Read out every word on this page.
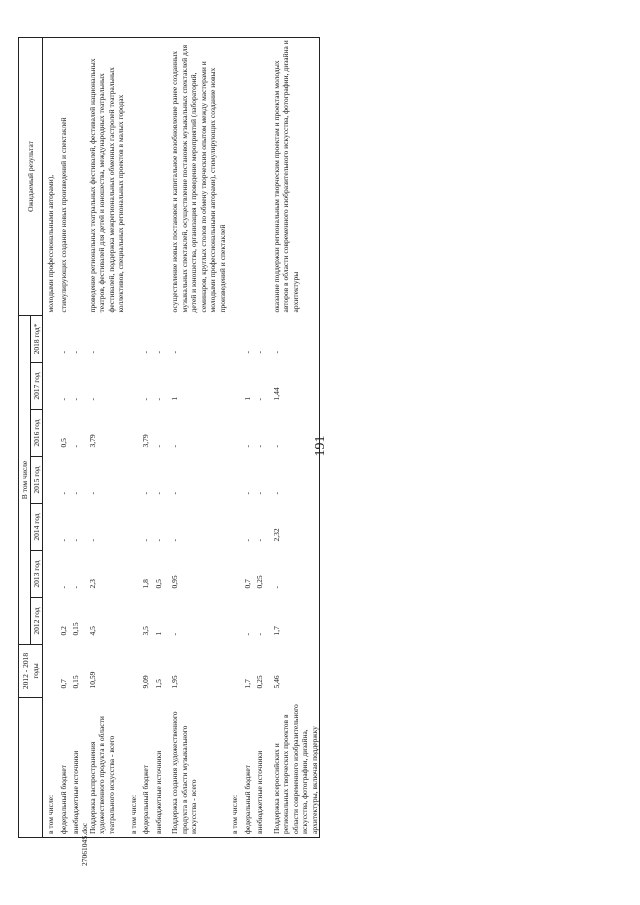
191
	2012 - 2018 годы	В том числе							Ожидаемый результат
		2012 год	2013 год	2014 год	2015 год	2016 год	2017 год	2018 год*	
в том числе:									молодыми профессиональными авторами),
федеральный бюджет	0,7	0,2	-	-	-	0,5	-	-	стимулирующих создание новых произведений и спектаклей
внебюджетные источники	0,15	0,15	-	-	-	-	-	-	

Поддержка распространения художественного продукта в области театрального искусства - всего	10,59	4,5	2,3	-	-	3,79	-	-	проведение региональных театральных фестивалей, фестивалей национальных театров, фестивалей для детей и юношества, международных театральных фестивалей, поддержка межрегиональных обменных гастролей театральных коллективов, специальных региональных проектов в малых городах
в том числе:									
федеральный бюджет	9,09	3,5	1,8	-	-	3,79	-	-	
внебюджетные источники	1,5	1	0,5	-	-	-	-	-	

Поддержка создания художественного продукта в области музыкального искусства - всего	1,95	-	0,95	-	-	-	1	-	осуществление новых постановок и капитальное возобновление ранее созданных музыкальных спектаклей, осуществление постановок музыкальных спектаклей для детей и юношества, организация и проведение мероприятий (лабораторий, семинаров, круглых столов по обмену творческим опытом между мастерами и молодыми профессиональными авторами), стимулирующих создание новых произведений и спектаклей
в том числе:									
федеральный бюджет	1,7	-	0,7	-	-	-	1	-	
внебюджетные источники	0,25	-	0,25	-	-	-	-	-	

Поддержка всероссийских и региональных творческих проектов в области современного изобразительного искусства, фотографии, дизайна, архитектуры, включая поддержку	5,46	1,7	-	2,32	-	-	1,44	-	оказание поддержки региональным творческим проектам и проектам молодых авторов в области современного изобразительного искусства, фотографии, дизайна и архитектуры
2706104S.doc
